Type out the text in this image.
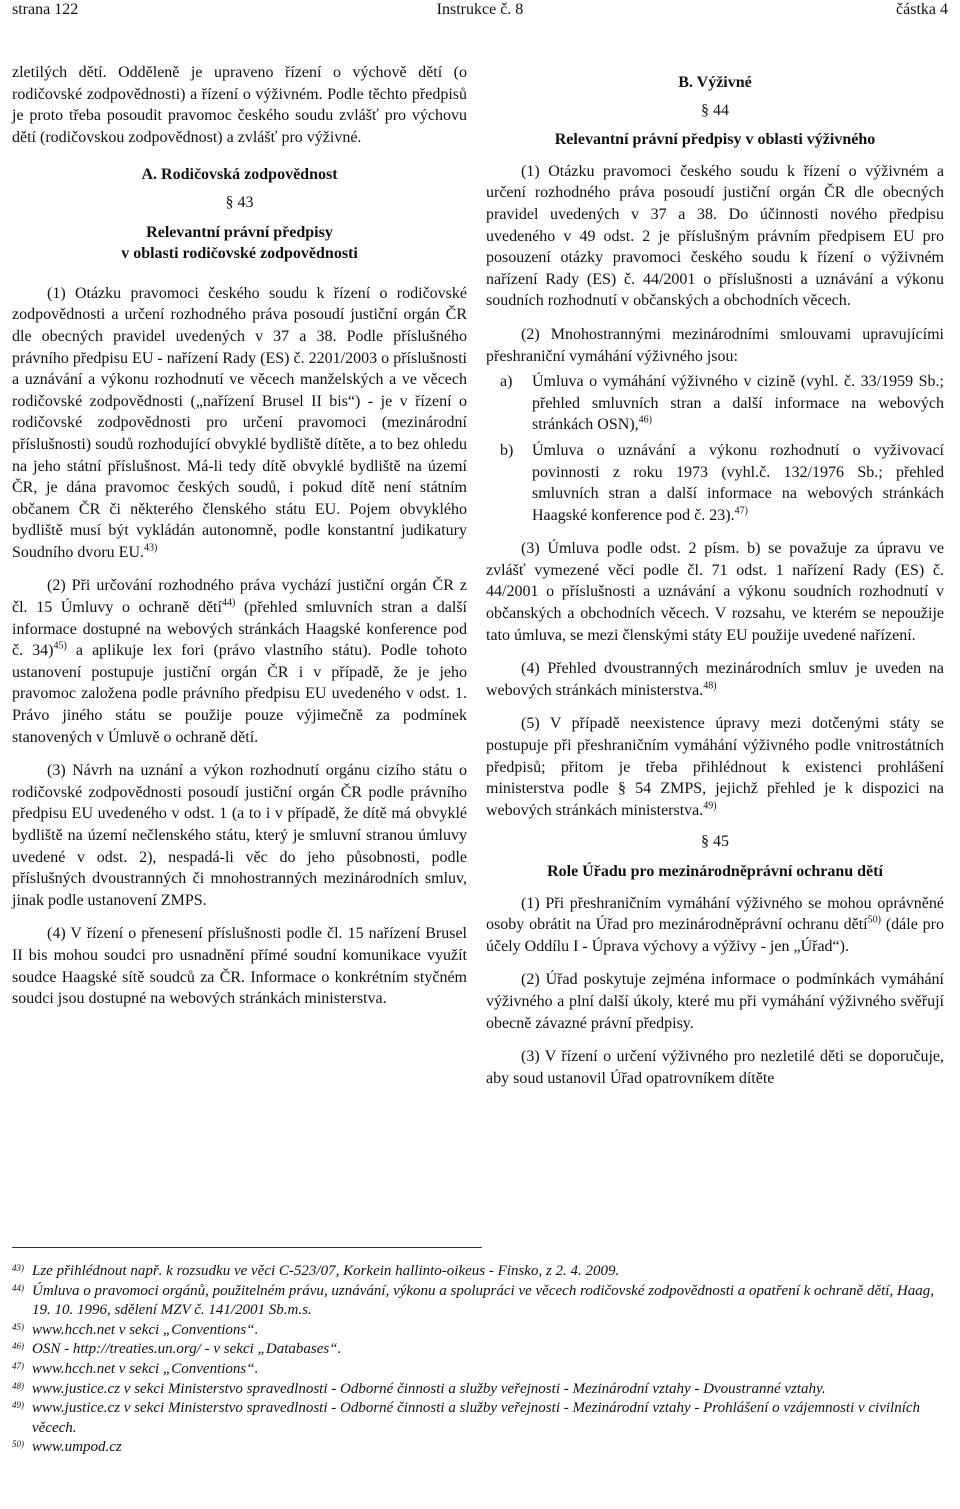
strana 122	Instrukce č. 8	částka 4

zletilých dětí. Odděleně je upraveno řízení o výchově dětí (o rodičovské zodpovědnosti) a řízení o výživném. Podle těchto předpisů je proto třeba posoudit pravomoc českého soudu zvlášť pro výchovu dětí (rodičovskou zodpovědnost) a zvlášť pro výživné.

A. Rodičovská zodpovědnost

§ 43

Relevantní právní předpisy

v oblasti rodičovské zodpovědnosti

(1) Otázku pravomoci českého soudu k řízení o rodičovské zodpovědnosti a určení rozhodného práva posoudí justiční orgán ČR dle obecných pravidel uvedených v 37 a 38. Podle příslušného právního předpisu EU - nařízení Rady (ES) č. 2201/2003 o příslušnosti a uznávání a výkonu rozhodnutí ve věcech manželských a ve věcech rodičovské zodpovědnosti („nařízení Brusel II bis“) - je v řízení o rodičovské zodpovědnosti pro určení pravomoci (mezinárodní příslušnosti) soudů rozhodující obvyklé bydliště dítěte, a to bez ohledu na jeho státní příslušnost. Má-li tedy dítě obvyklé bydliště na území ČR, je dána pravomoc českých soudů, i pokud dítě není státním občanem ČR či některého členského státu EU. Pojem obvyklého bydliště musí být vykládán autonomně, podle konstantní judikatury Soudního dvoru EU.$^{43)}$

(2) Při určování rozhodného práva vychází justiční orgán ČR z čl. 15 Úmluvy o ochraně dětí$^{44)}$ (přehled smluvních stran a další informace dostupné na webových stránkách Haagské konference pod č. 34)$^{45)}$ a aplikuje lex fori (právo vlastního státu). Podle tohoto ustanovení postupuje justiční orgán ČR i v případě, že je jeho pravomoc založena podle právního předpisu EU uvedeného v odst. 1. Právo jiného státu se použije pouze výjimečně za podmínek stanovených v Úmluvě o ochraně dětí.

(3) Návrh na uznání a výkon rozhodnutí orgánu cizího státu o rodičovské zodpovědnosti posoudí justiční orgán ČR podle právního předpisu EU uvedeného v odst. 1 (a to i v případě, že dítě má obvyklé bydliště na území nečlenského státu, který je smluvní stranou úmluvy uvedené v odst. 2), nespadá-li věc do jeho působnosti, podle příslušných dvoustranných či mnohostranných mezinárodních smluv, jinak podle ustanovení ZMPS.

(4) V řízení o přenesení příslušnosti podle čl. 15 nařízení Brusel II bis mohou soudci pro usnadnění přímé soudní komunikace využít soudce Haagské sítě soudců za ČR. Informace o konkrétním styčném soudci jsou dostupné na webových stránkách ministerstva.

B. Výživné

§ 44

Relevantní právní předpisy v oblasti výživného

(1) Otázku pravomoci českého soudu k řízení o výživném a určení rozhodného práva posoudí justiční orgán ČR dle obecných pravidel uvedených v 37 a 38. Do účinnosti nového předpisu uvedeného v 49 odst. 2 je příslušným právním předpisem EU pro posouzení otázky pravomoci českého soudu k řízení o výživném nařízení Rady (ES) č. 44/2001 o příslušnosti a uznávání a výkonu soudních rozhodnutí v občanských a obchodních věcech.

(2) Mnohostrannými mezinárodními smlouvami upravujícími přeshraniční vymáhání výživného jsou:

a) Úmluva o vymáhání výživného v cizině (vyhl. č. 33/1959 Sb.; přehled smluvních stran a další informace na webových stránkách OSN),$^{46)}$
b) Úmluva o uznávání a výkonu rozhodnutí o vyživovací povinnosti z roku 1973 (vyhl.č. 132/1976 Sb.; přehled smluvních stran a další informace na webových stránkách Haagské konference pod č. 23).$^{47)}$

(3) Úmluva podle odst. 2 písm. b) se považuje za úpravu ve zvlášť vymezené věci podle čl. 71 odst. 1 nařízení Rady (ES) č. 44/2001 o příslušnosti a uznávání a výkonu soudních rozhodnutí v občanských a obchodních věcech. V rozsahu, ve kterém se nepoužije tato úmluva, se mezi členskými státy EU použije uvedené nařízení.

(4) Přehled dvoustranných mezinárodních smluv je uveden na webových stránkách ministerstva.$^{48)}$

(5) V případě neexistence úpravy mezi dotčenými státy se postupuje při přeshraničním vymáhání výživného podle vnitrostátních předpisů; přitom je třeba přihlédnout k existenci prohlášení ministerstva podle § 54 ZMPS, jejichž přehled je k dispozici na webových stránkách ministerstva.$^{49)}$

§ 45

Role Úřadu pro mezinárodněprávní ochranu dětí

(1) Při přeshraničním vymáhání výživného se mohou oprávněné osoby obrátit na Úřad pro mezinárodněprávní ochranu dětí$^{50)}$ (dále pro účely Oddílu I - Úprava výchovy a výživy - jen „Úřad“).

(2) Úřad poskytuje zejména informace o podmínkách vymáhání výživného a plní další úkoly, které mu při vymáhání výživného svěřují obecně závazné právní předpisy.

(3) V řízení o určení výživného pro nezletilé děti se doporučuje, aby soud ustanovil Úřad opatrovníkem dítěte

43) Lze přihlédnout např. k rozsudku ve věci C-523/07, Korkein hallinto-oikeus - Finsko, z 2. 4. 2009.
44) Úmluva o pravomoci orgánů, použitelném právu, uznávání, výkonu a spolupráci ve věcech rodičovské zodpovědnosti a opatření k ochraně dětí, Haag, 19. 10. 1996, sdělení MZV č. 141/2001 Sb.m.s.
45) www.hcch.net v sekci „Conventions“.
46) OSN - http://treaties.un.org/ - v sekci „Databases“.
47) www.hcch.net v sekci „Conventions“.
48) www.justice.cz v sekci Ministerstvo spravedlnosti - Odborné činnosti a služby veřejnosti - Mezinárodní vztahy - Dvoustranné vztahy.
49) www.justice.cz v sekci Ministerstvo spravedlnosti - Odborné činnosti a služby veřejnosti - Mezinárodní vztahy - Prohlášení o vzájemnosti v civilních věcech.
50) www.umpod.cz
